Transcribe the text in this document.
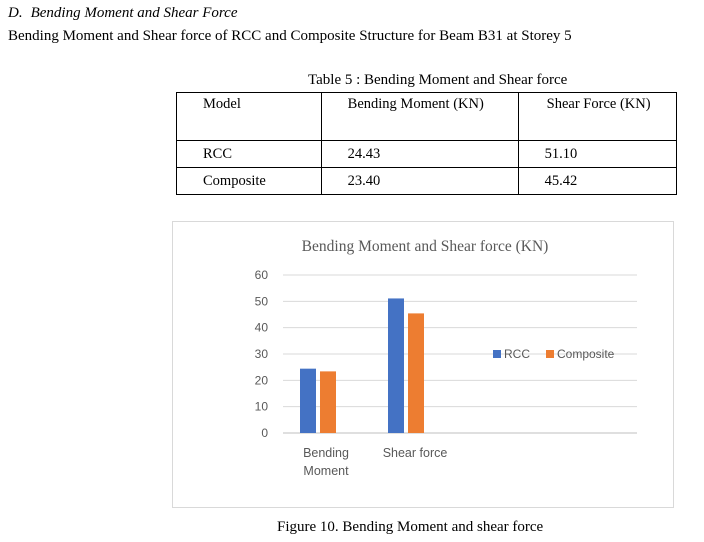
D. Bending Moment and Shear Force
Bending Moment and Shear force of RCC and Composite Structure for Beam B31 at Storey 5
Table 5 : Bending Moment and Shear force
Model	Bending Moment (KN)	Shear Force (KN)
RCC	24.43	51.10
Composite	23.40	45.42
Bending Moment and Shear force (KN)
0
10
20
30
40
50
60
Bending Moment
Shear force
RCC Composite
Figure 10. Bending Moment and shear force
